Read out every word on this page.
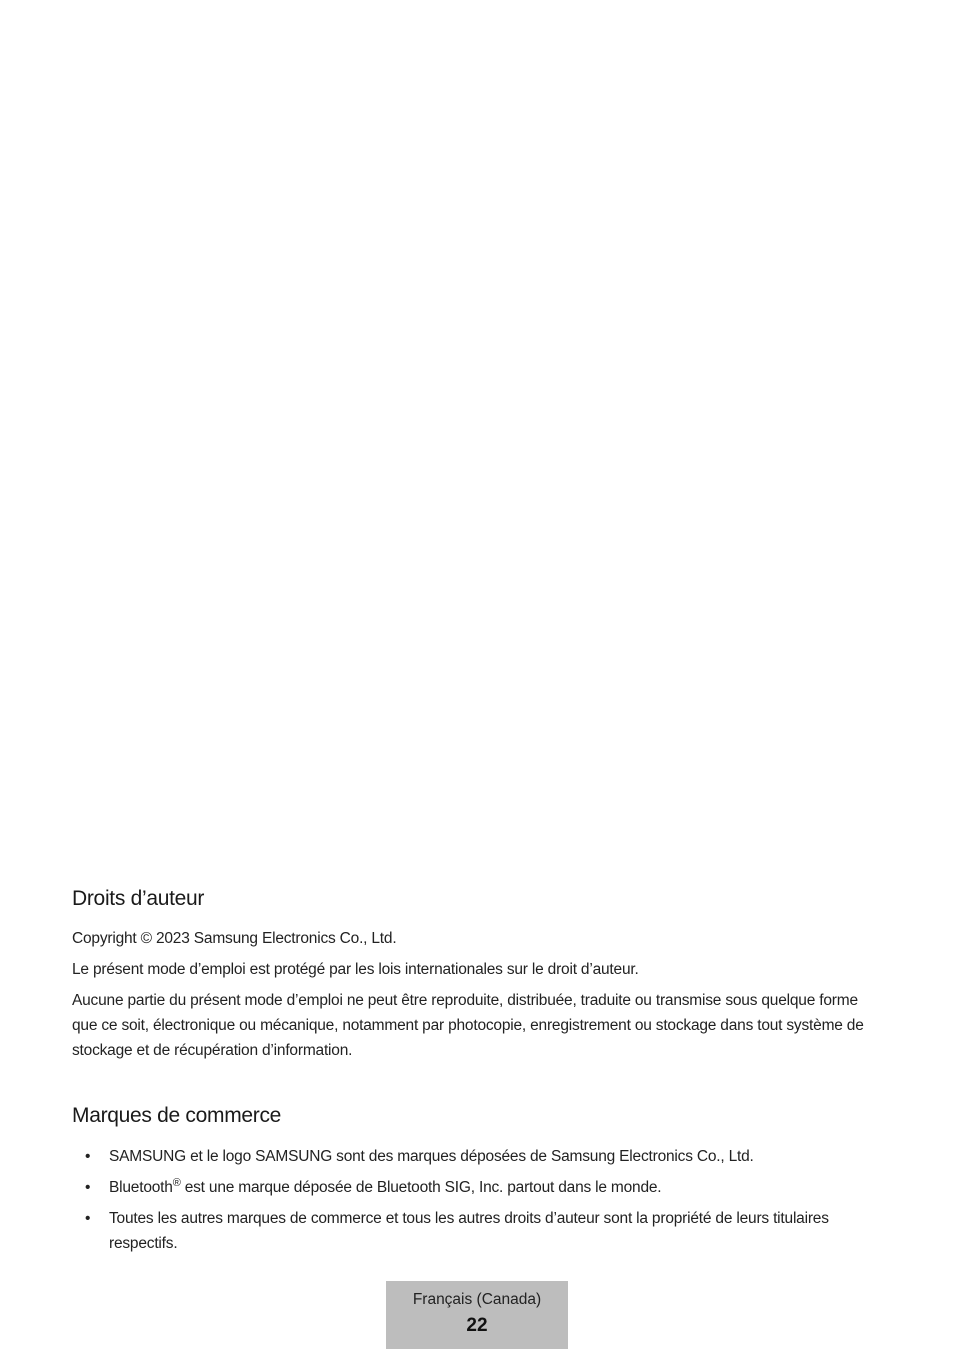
Droits d’auteur

Copyright © 2023 Samsung Electronics Co., Ltd.

Le présent mode d’emploi est protégé par les lois internationales sur le droit d’auteur.

Aucune partie du présent mode d’emploi ne peut être reproduite, distribuée, traduite ou transmise sous quelque forme que ce soit, électronique ou mécanique, notamment par photocopie, enregistrement ou stockage dans tout système de stockage et de récupération d’information.

Marques de commerce
• SAMSUNG et le logo SAMSUNG sont des marques déposées de Samsung Electronics Co., Ltd.
• Bluetooth® est une marque déposée de Bluetooth SIG, Inc. partout dans le monde.
• Toutes les autres marques de commerce et tous les autres droits d’auteur sont la propriété de leurs titulaires respectifs.
Français (Canada)
22
